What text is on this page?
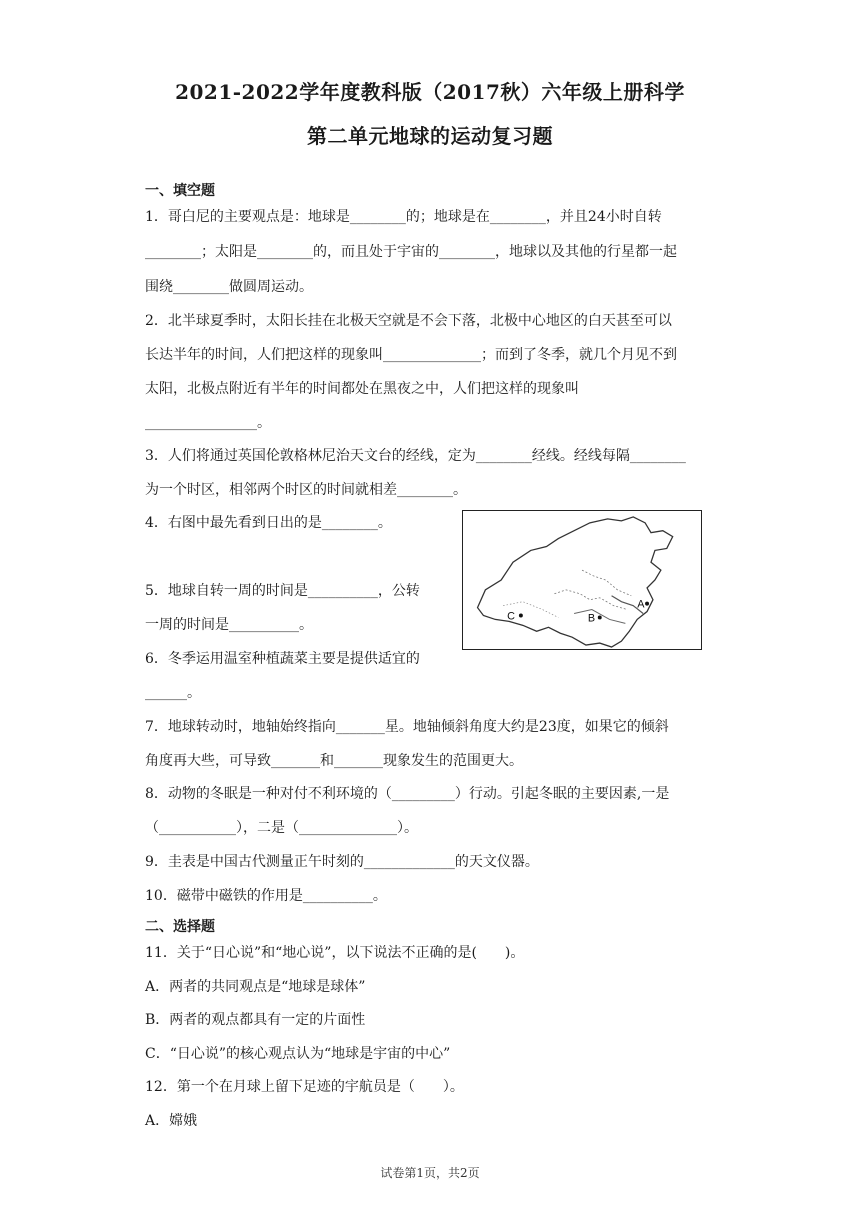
2021-2022学年度教科版（2017秋）六年级上册科学
第二单元地球的运动复习题
一、填空题
1．哥白尼的主要观点是：地球是________的；地球是在________，并且24小时自转
________；太阳是________的，而且处于宇宙的________，地球以及其他的行星都一起
围绕________做圆周运动。
2．北半球夏季时，太阳长挂在北极天空就是不会下落，北极中心地区的白天甚至可以
长达半年的时间，人们把这样的现象叫______________；而到了冬季，就几个月见不到
太阳，北极点附近有半年的时间都处在黑夜之中，人们把这样的现象叫
________________。
3．人们将通过英国伦敦格林尼治天文台的经线，定为________经线。经线每隔________
为一个时区，相邻两个时区的时间就相差________。
4．右图中最先看到日出的是________。
5．地球自转一周的时间是__________，公转
一周的时间是__________。
6．冬季运用温室种植蔬菜主要是提供适宜的
______。
C	B
A
7．地球转动时，地轴始终指向_______星。地轴倾斜角度大约是23度，如果它的倾斜
角度再大些，可导致_______和_______现象发生的范围更大。
8．动物的冬眠是一种对付不利环境的（_________）行动。引起冬眠的主要因素,一是
（___________），二是（______________）。
9．圭表是中国古代测量正午时刻的_____________的天文仪器。
10．磁带中磁铁的作用是__________。
二、选择题
11．关于“日心说”和“地心说”，以下说法不正确的是(　　)。
A．两者的共同观点是“地球是球体”
B．两者的观点都具有一定的片面性
C．“日心说”的核心观点认为“地球是宇宙的中心”
12．第一个在月球上留下足迹的宇航员是（　　）。
A．嫦娥
试卷第1页，共2页
